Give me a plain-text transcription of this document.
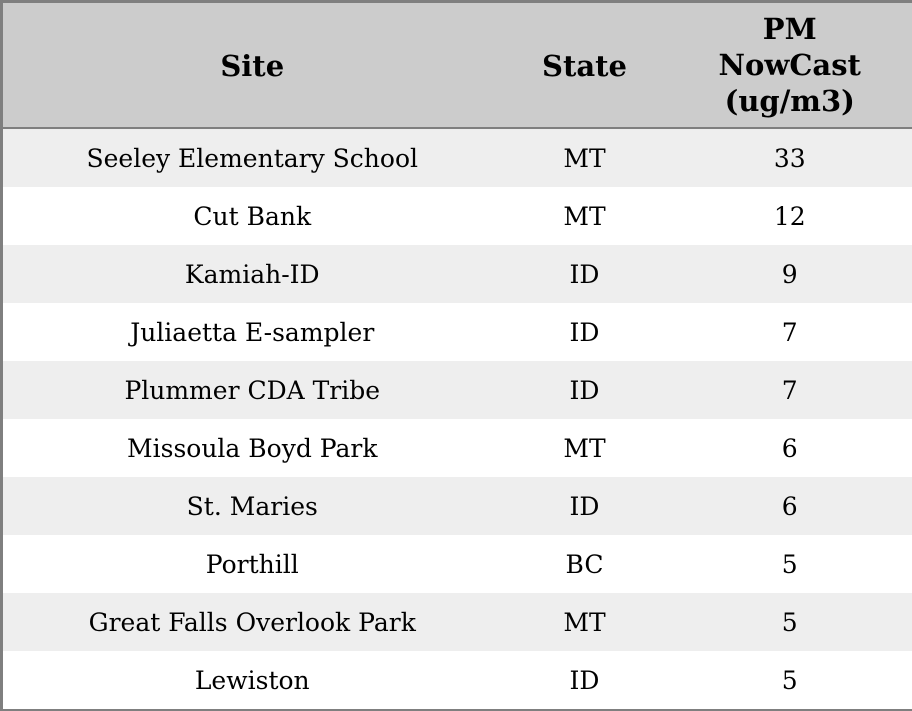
Site	State	PM NowCast (ug/m3)
Seeley Elementary School	MT	33
Cut Bank	MT	12
Kamiah-ID	ID	9
Juliaetta E-sampler	ID	7
Plummer CDA Tribe	ID	7
Missoula Boyd Park	MT	6
St. Maries	ID	6
Porthill	BC	5
Great Falls Overlook Park	MT	5
Lewiston	ID	5
